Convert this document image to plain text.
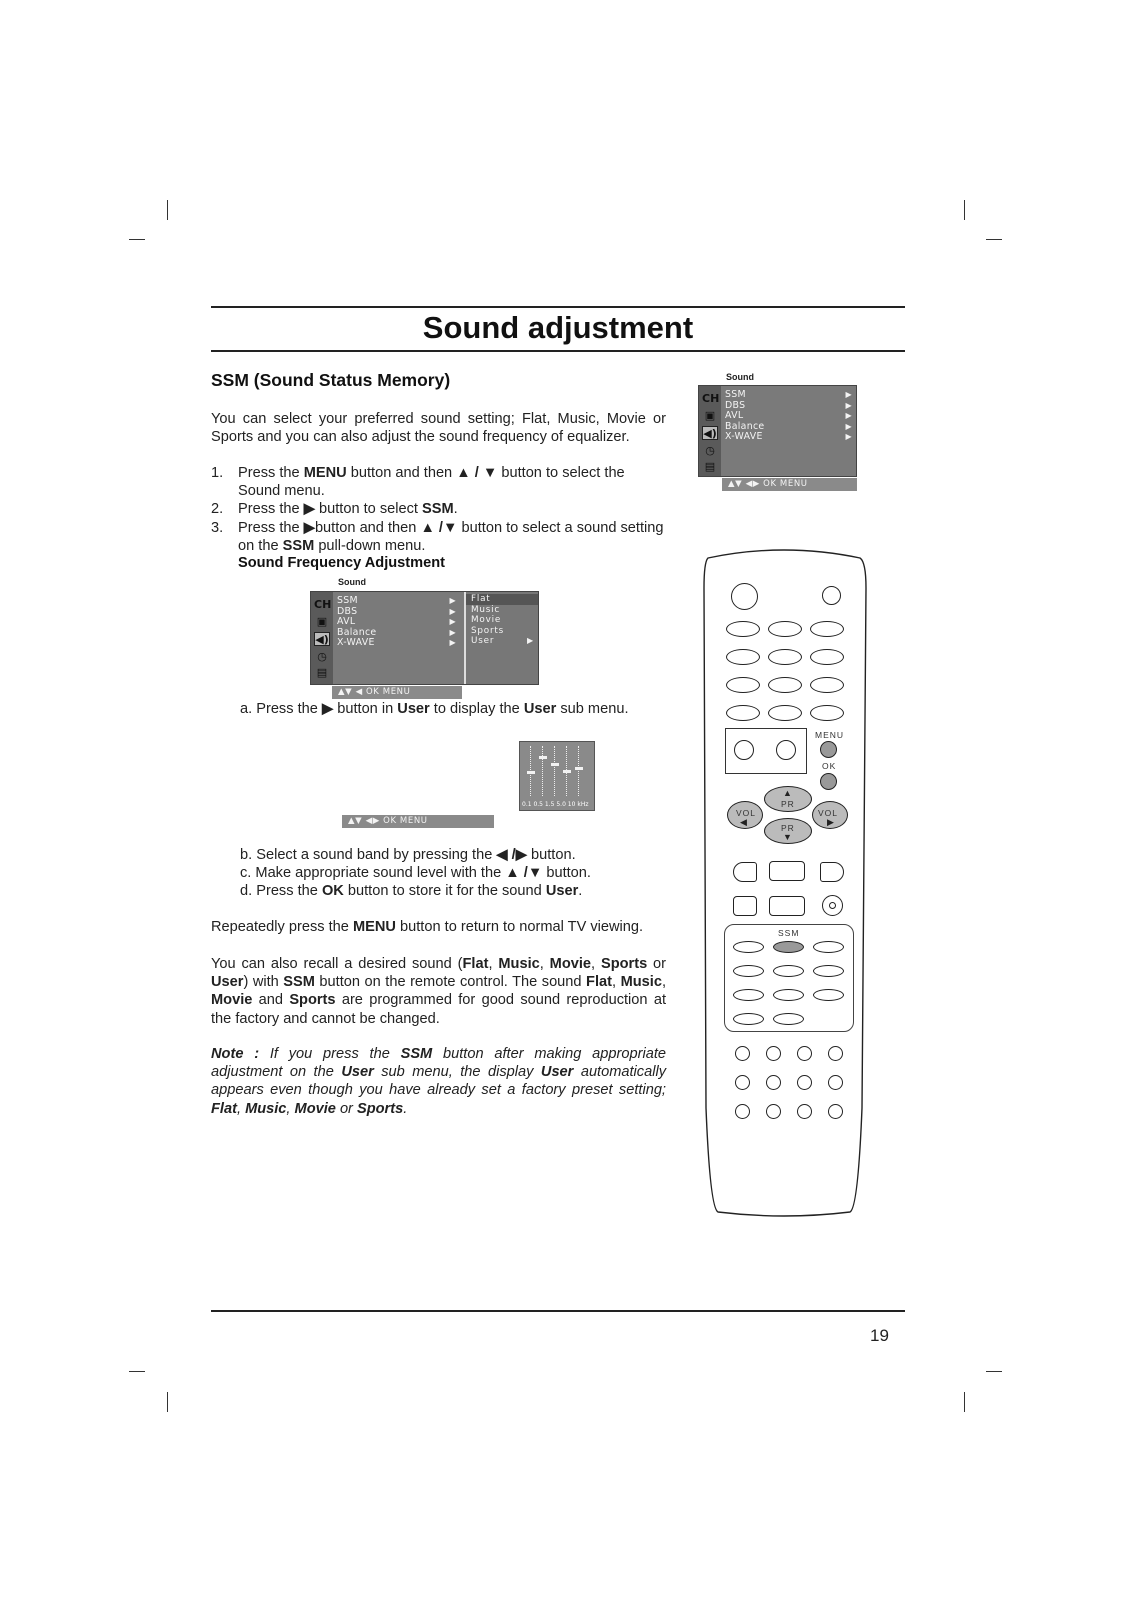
Sound adjustment
SSM (Sound Status Memory)
You can select your preferred sound setting; Flat, Music, Movie or Sports and you can also adjust the sound frequency of equalizer.
1. Press the MENU button and then ▲ / ▼ button to select the Sound menu.
2. Press the ▶ button to select SSM.
3. Press the ▶button and then ▲ /▼ button to select a sound setting on the SSM pull-down menu.
Sound Frequency Adjustment
Sound
CH
▣
◀)
◷
▤
SSM	▶
DBS	▶
AVL	▶
Balance	▶
X-WAVE	▶
Flat
Music
Movie
Sports
User	▶
▲▼ ◀ OK MENU
a. Press the ▶ button in User to display the User sub menu.
0.1 0.5 1.5 5.0 10 kHz
▲▼ ◀▶ OK MENU
b. Select a sound band by pressing the ◀ /▶ button.
c. Make appropriate sound level with the ▲ /▼ button.
d. Press the OK button to store it for the sound User.
Repeatedly press the MENU button to return to normal TV viewing.
You can also recall a desired sound (Flat, Music, Movie, Sports or User) with SSM button on the remote control. The sound Flat, Music, Movie and Sports are programmed for good sound reproduction at the factory and cannot be changed.
Note : If you press the SSM button after making appropriate adjustment on the User sub menu, the display User automatically appears even though you have already set a factory preset setting; Flat, Music, Movie or Sports.
Sound
CH
▣
◀)
◷
▤
SSM	▶
DBS	▶
AVL	▶
Balance	▶
X-WAVE	▶
▲▼ ◀▶ OK MENU
MENU
OK
VOL
◀
VOL
▶
▲
PR
PR
▼
SSM
19
